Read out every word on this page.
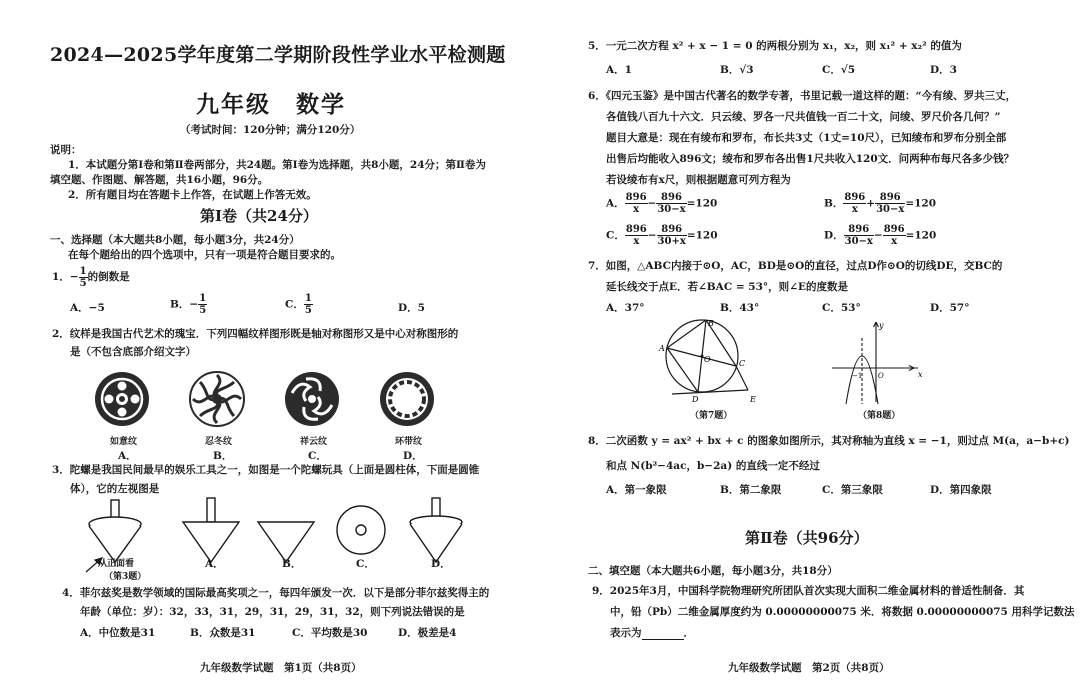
2024—2025学年度第二学期阶段性学业水平检测题
九年级　数学
（考试时间：120分钟；满分120分）
说明：
1．本试题分第Ⅰ卷和第Ⅱ卷两部分，共24题。第Ⅰ卷为选择题，共8小题，24分；第Ⅱ卷为
填空题、作图题、解答题，共16小题，96分。
2．所有题目均在答题卡上作答，在试题上作答无效。
第Ⅰ卷（共24分）
一、选择题（本大题共8小题，每小题3分，共24分）
在每个题给出的四个选项中，只有一项是符合题目要求的。
1．− $\frac{1}{5}$ 的倒数是
A．−5	B．− $\frac{1}{5}$	C． $\frac{1}{5}$	D．5
2．纹样是我国古代艺术的瑰宝．下列四幅纹样图形既是轴对称图形又是中心对称图形的
是（不包含底部介绍文字）
如意纹	忍冬纹	祥云纹	环带纹
A．	B．	C．	D．
3．陀螺是我国民间最早的娱乐工具之一，如图是一个陀螺玩具（上面是圆柱体，下面是圆锥
体），它的左视图是
从正面看
（第3题）
A．	B．	C．	D．
4．菲尔兹奖是数学领域的国际最高奖项之一，每四年颁发一次．以下是部分菲尔兹奖得主的
年龄（单位：岁）：32，33，31，29，31，29，31，32，则下列说法错误的是
A．中位数是31	B．众数是31	C．平均数是30	D．极差是4
九年级数学试题　第1页（共8页）
5．一元二次方程 x² + x − 1 = 0 的两根分别为 x₁，x₂，则 x₁² + x₂² 的值为
A．1	B．√3	C．√5	D．3
6．《四元玉鉴》是中国古代著名的数学专著，书里记载一道这样的题：“今有绫、罗共三丈，
各值钱八百九十六文．只云绫、罗各一尺共值钱一百二十文，问绫、罗尺价各几何？”
题目大意是：现在有绫布和罗布，布长共3丈（1丈=10尺），已知绫布和罗布分别全部
出售后均能收入896文；绫布和罗布各出售1尺共收入120文．问两种布每尺各多少钱？
若设绫布有x尺，则根据题意可列方程为
A． $\frac{896}{x} - \frac{896}{30-x} =120$	B． $\frac{896}{x} + \frac{896}{30-x} =120$
C． $\frac{896}{x} - \frac{896}{30+x} =120$	D． $\frac{896}{30-x} - \frac{896}{x} =120$
7．如图，△ABC内接于⊙O，AC，BD是⊙O的直径，过点D作⊙O的切线DE，交BC的
延长线交于点E．若∠BAC = 53°，则∠E的度数是
A．37°	B．43°	C．53°	D．57°
A
B
C
D	E
O
（第7题）
x
y
−1 O
（第8题）
8．二次函数 y = ax² + bx + c 的图象如图所示，其对称轴为直线 x = −1，则过点 M(a，a−b+c)
和点 N(b²−4ac，b−2a) 的直线一定不经过
A．第一象限	B．第二象限	C．第三象限	D．第四象限
第Ⅱ卷（共96分）
二、填空题（本大题共6小题，每小题3分，共18分）
9．2025年3月，中国科学院物理研究所团队首次实现大面积二维金属材料的普适性制备．其
中，铅（Pb）二维金属厚度约为 0.00000000075 米．将数据 0.00000000075 用科学记数法
表示为	．
九年级数学试题　第2页（共8页）
